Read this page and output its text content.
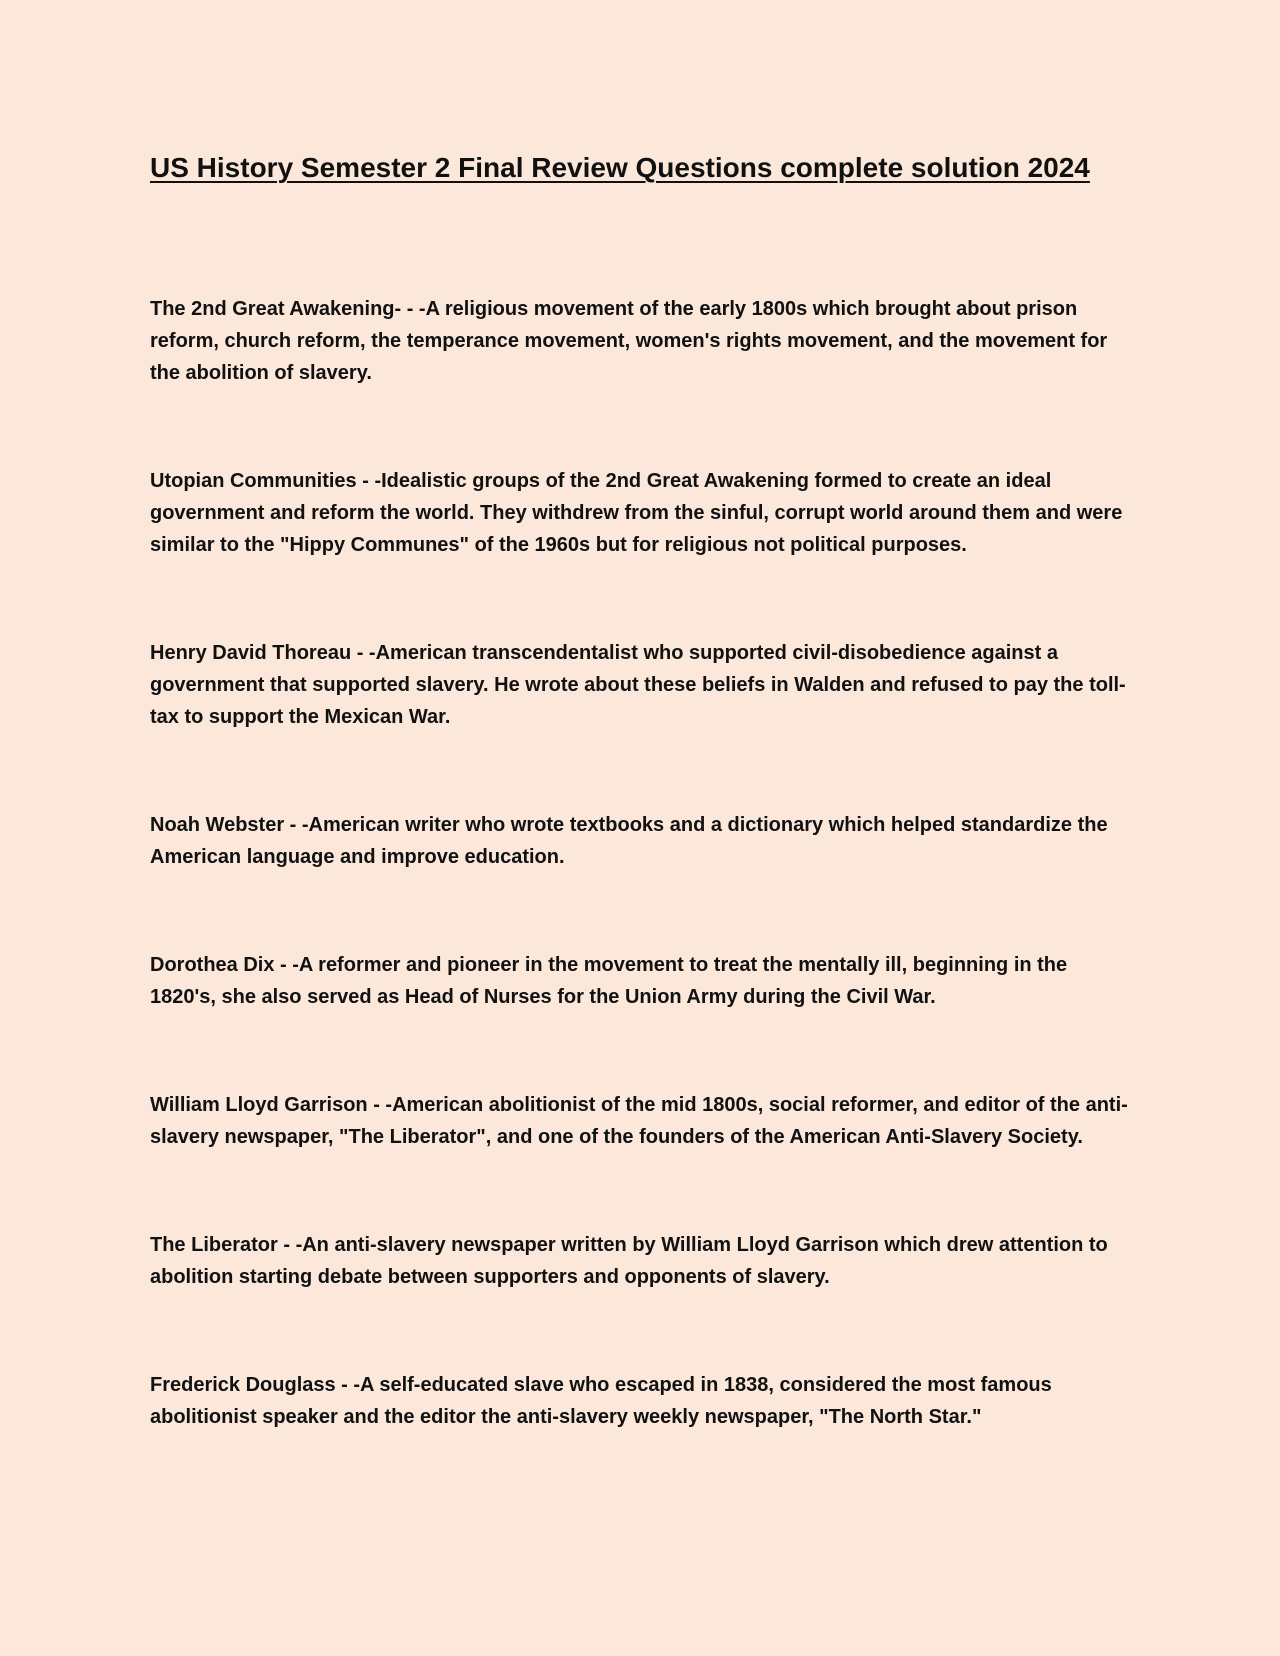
US History Semester 2 Final Review Questions complete solution 2024

The 2nd Great Awakening- - -A religious movement of the early 1800s which brought about prison reform, church reform, the temperance movement, women's rights movement, and the movement for the abolition of slavery.

Utopian Communities - -Idealistic groups of the 2nd Great Awakening formed to create an ideal government and reform the world. They withdrew from the sinful, corrupt world around them and were similar to the "Hippy Communes" of the 1960s but for religious not political purposes.

Henry David Thoreau - -American transcendentalist who supported civil-disobedience against a government that supported slavery. He wrote about these beliefs in Walden and refused to pay the toll-tax to support the Mexican War.

Noah Webster - -American writer who wrote textbooks and a dictionary which helped standardize the American language and improve education.

Dorothea Dix - -A reformer and pioneer in the movement to treat the mentally ill, beginning in the 1820's, she also served as Head of Nurses for the Union Army during the Civil War.

William Lloyd Garrison - -American abolitionist of the mid 1800s, social reformer, and editor of the anti-slavery newspaper, "The Liberator", and one of the founders of the American Anti-Slavery Society.

The Liberator - -An anti-slavery newspaper written by William Lloyd Garrison which drew attention to abolition starting debate between supporters and opponents of slavery.

Frederick Douglass - -A self-educated slave who escaped in 1838, considered the most famous abolitionist speaker and the editor the anti-slavery weekly newspaper, "The North Star."
